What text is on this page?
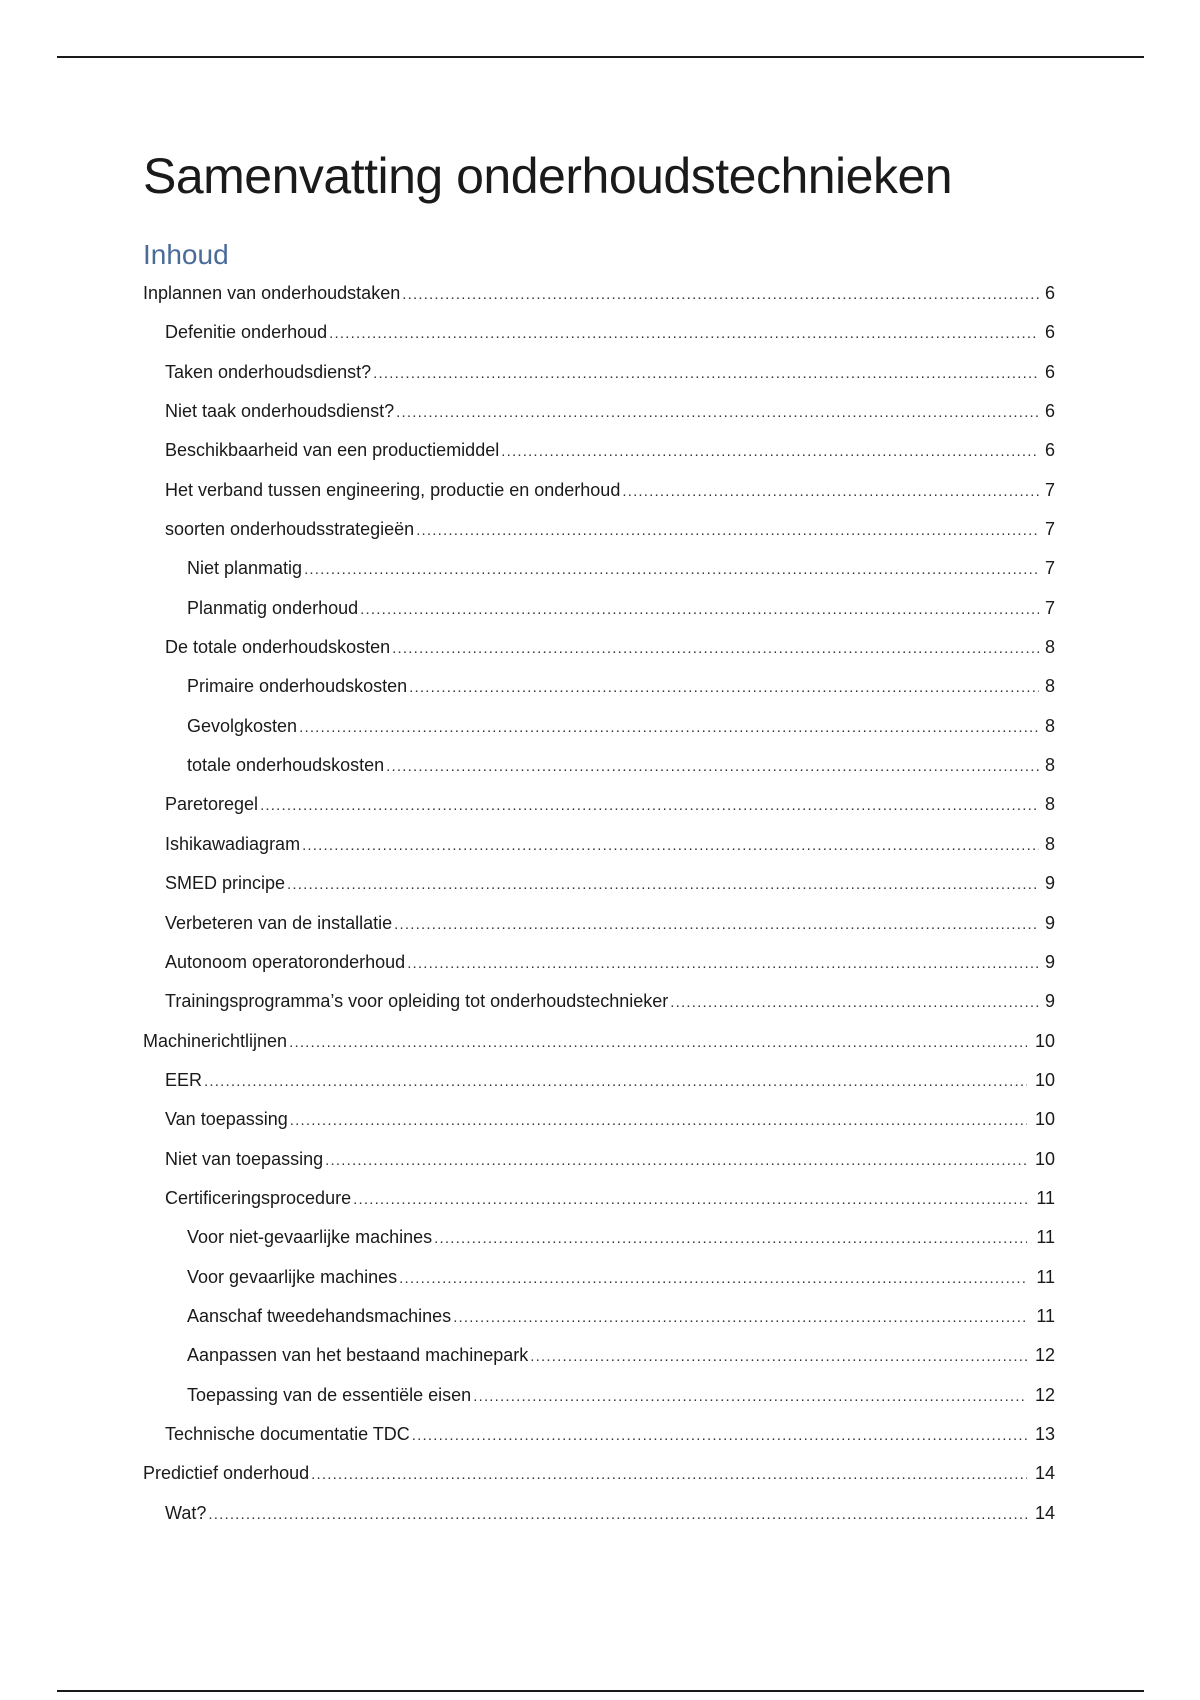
Samenvatting onderhoudstechnieken
Inhoud
Inplannen van onderhoudstaken .....	6
Defenitie onderhoud .....	6
Taken onderhoudsdienst? .....	6
Niet taak onderhoudsdienst? .....	6
Beschikbaarheid van een productiemiddel .....	6
Het verband tussen engineering, productie en onderhoud .....	7
soorten onderhoudsstrategieën .....	7
Niet planmatig .....	7
Planmatig onderhoud .....	7
De totale onderhoudskosten .....	8
Primaire onderhoudskosten .....	8
Gevolgkosten .....	8
totale onderhoudskosten .....	8
Paretoregel .....	8
Ishikawadiagram .....	8
SMED principe .....	9
Verbeteren van de installatie .....	9
Autonoom operatoronderhoud .....	9
Trainingsprogramma’s voor opleiding tot onderhoudstechnieker .....	9
Machinerichtlijnen .....	10
EER .....	10
Van toepassing .....	10
Niet van toepassing .....	10
Certificeringsprocedure .....	11
Voor niet-gevaarlijke machines .....	11
Voor gevaarlijke machines .....	11
Aanschaf tweedehandsmachines .....	11
Aanpassen van het bestaand machinepark .....	12
Toepassing van de essentiële eisen .....	12
Technische documentatie TDC .....	13
Predictief onderhoud .....	14
Wat? .....	14
